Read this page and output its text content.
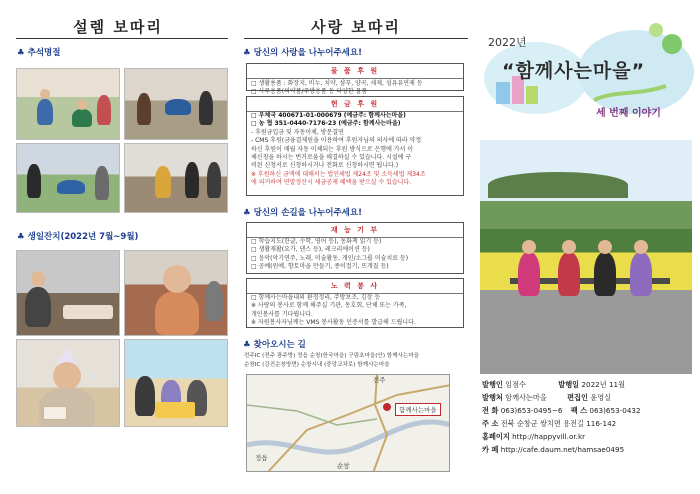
설렘 보따리
♣ 추석명절
♣ 생일잔치(2022년 7월~9월)
사랑 보따리
♣ 당신의 사랑을 나누어주세요!
물 품 후 원
□ 생활용품 : 화장지, 비누, 치약, 샴푸, 양곡, 세제, 섬유유연제 등
□ 사무용품(의약품/주방용품 등 다양한 물품
현 금 후 원
□ 우체국 400671-01-000679 (예금주: 함께사는마을)
□ 농 협 351-0440-7176-23 (예금주: 함께사는마을)
- 후원금입금 및 자동이체, 방문결연
- CMS 후원(금융결제원을 이용하여 후원자님의 의사에 따라 약정
하신 후원이 매월 자동 이체되는 후원 방식으로 은행에 가서 이
체신청을 하시는 번거로움을 해결하실 수 있습니다. 시설에 구
비된 신청서로 신청하시거나 전화로 신청하시면 됩니다.)
※ 후원하신 금액에 대해서는 법인세법 제24조 및 소득세법 제34조
에 의거하여 연말정산시 세금공제 혜택을 받으실 수 있습니다.
♣ 당신의 손길을 나누어주세요!
재 능 기 부
□ 학습지도(한글, 수학, 영어 등), 동화책 읽기 등)
□ 생활재활(요가, 댄스 등), 레크리에이션 등)
□ 음악(악기연주, 노래, 미술활동, 개인/소그룹 미술치료 등)
□ 공예(원예, 향토마을 만들기, 종이접기, 뜨개질 등)
노 력 봉 사
□ 함께사는마을내외 환경정리, 주방보조, 김장 등
※ 사랑의 봉사로 함께 해주실 기관, 동호회, 단체 또는 가족,
개인봉사를 기다립니다.
※ 자원봉사자님께는 VMS 봉사활동 인증서를 발급해 드립니다.
♣ 찾아오시는 길
전주IC (전주 광주방) 정읍 순창(한국마을) 구림초마을(안) 함께사는마을
순창IC (강진순창방면) 순창시내 (중앙교차로) 함께사는마을
전주
함께사는마을
정읍
순창
2022년
“함께사는마을”
세 번째 이야기
발행인 임점수	발행일 2022년 11월
발행처 함께사는마을	편집인 윤영실
전 화 063)653-0495~6 팩 스 063)653-0432
주 소 전북 순창군 쌍치면 용전길 116-142
홈페이지 http://happyvill.or.kr
카 페 http://cafe.daum.net/hamsae0495
